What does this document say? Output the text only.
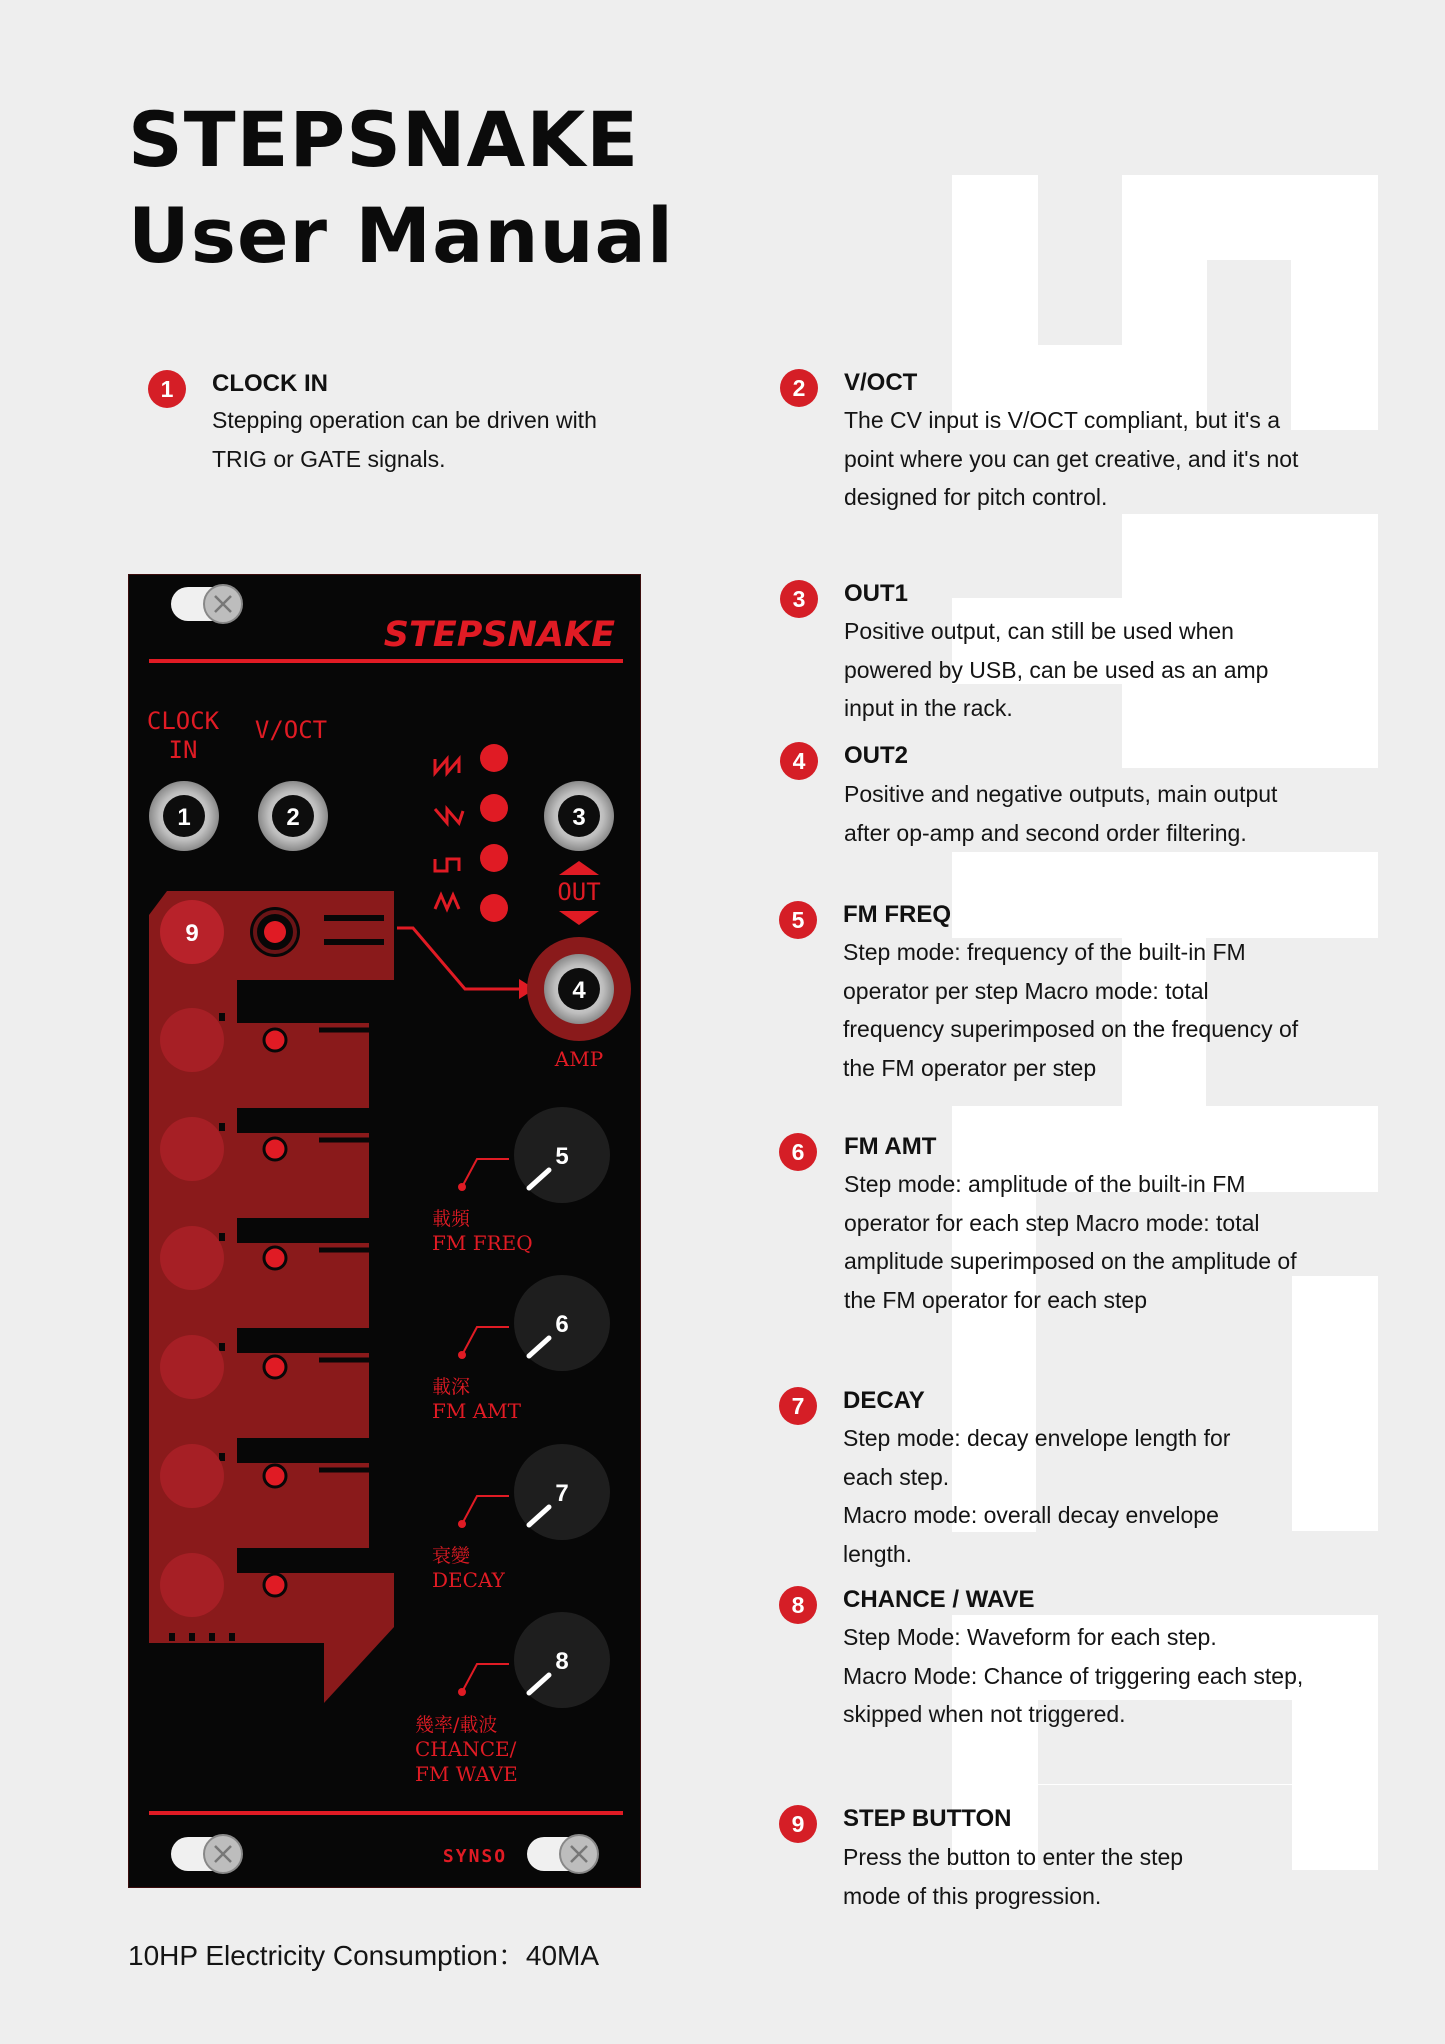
STEPSNAKE
User Manual
1	CLOCK IN

Stepping operation can be driven with TRIG or GATE signals.

2	V/OCT

The CV input is V/OCT compliant, but it's a point where you can get creative, and it's not designed for pitch control.

3	OUT1

Positive output, can still be used when powered by USB, can be used as an amp input in the rack.

4	OUT2

Positive and negative outputs, main output after op-amp and second order filtering.

5	FM FREQ

Step mode: frequency of the built-in FM operator per step Macro mode: total frequency superimposed on the frequency of the FM operator per step

6	FM AMT

Step mode: amplitude of the built-in FM operator for each step Macro mode: total amplitude superimposed on the amplitude of the FM operator for each step

7	DECAY

Step mode: decay envelope length for each step.

Macro mode: overall decay envelope length.

8	CHANCE / WAVE

Step Mode: Waveform for each step.

Macro Mode: Chance of triggering each step, skipped when not triggered.

9	STEP BUTTON

Press the button to enter the step mode of this progression.

STEPSNAKE
CLOCK
IN
V/OCT
1	2	3
OUT
9
4
AMP
5
載頻
FM FREQ
6
載深
FM AMT
7
衰變
DECAY
8
幾率/載波
CHANCE/
FM WAVE
SYNSO
10HP Electricity Consumption：40MA
